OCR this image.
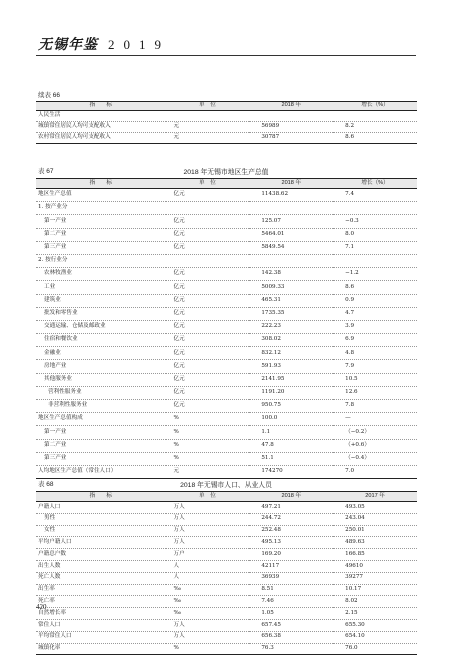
无锡年鉴 2019
续表 66
指　　标	单　位	2018 年	增长（%）
人民生活			
城镇常住居民人均可支配收入	元	56989	8.2
农村常住居民人均可支配收入	元	30787	8.6
表 67	2018 年无锡市地区生产总值
指　　标	单　位	2018 年	增长（%）
地区生产总值	亿元	11438.62	7.4
1. 按产业分			
第一产业	亿元	125.07	−0.3
第二产业	亿元	5464.01	8.0
第三产业	亿元	5849.54	7.1
2. 按行业分			
农林牧渔业	亿元	142.38	−1.2
工业	亿元	5009.33	8.6
建筑业	亿元	465.31	0.9
批发和零售业	亿元	1735.35	4.7
交通运输、仓储及邮政业	亿元	222.23	3.9
住宿和餐饮业	亿元	308.02	6.9
金融业	亿元	832.12	4.8
房地产业	亿元	591.93	7.9
其他服务业	亿元	2141.95	10.5
营利性服务业	亿元	1191.20	12.6
非营利性服务业	亿元	950.75	7.8
地区生产总值构成	%	100.0	—
第一产业	%	1.1	（−0.2）
第二产业	%	47.8	（+0.6）
第三产业	%	51.1	（−0.4）
人均地区生产总值（常住人口）	元	174270	7.0
表 68	2018 年无锡市人口、从业人员
指　　标	单　位	2018 年	2017 年
户籍人口	万人	497.21	493.05
男性	万人	244.72	243.04
女性	万人	252.48	250.01
平均户籍人口	万人	495.13	489.63
户籍总户数	万户	169.20	166.85
出生人数	人	42117	49610
死亡人数	人	36939	39277
出生率	‰	8.51	10.17
死亡率	‰	7.46	8.02
自然增长率	‰	1.05	2.15
常住人口	万人	657.45	655.30
平均常住人口	万人	656.38	654.10
城镇化率	%	76.3	76.0
420
